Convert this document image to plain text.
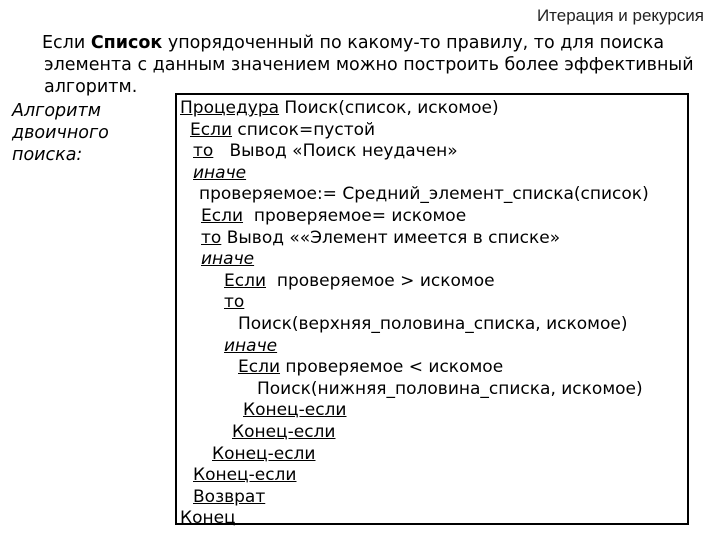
Итерация и рекурсия
Если Список упорядоченный по какому-то правилу, то для поиска
элемента с данным значением можно построить более эффективный
алгоритм.
Алгоритм
двоичного
поиска:
Процедура Поиск(список, искомое)
Если список=пустой
то   Вывод «Поиск неудачен»
иначе
проверяемое:= Средний_элемент_списка(список)
Если  проверяемое= искомое
то Вывод ««Элемент имеется в списке»
иначе
Если  проверяемое > искомое
то
Поиск(верхняя_половина_списка, искомое)
иначе
Если проверяемое < искомое
Поиск(нижняя_половина_списка, искомое)
Конец-если
Конец-если
Конец-если
Конец-если
Возврат
Конец
